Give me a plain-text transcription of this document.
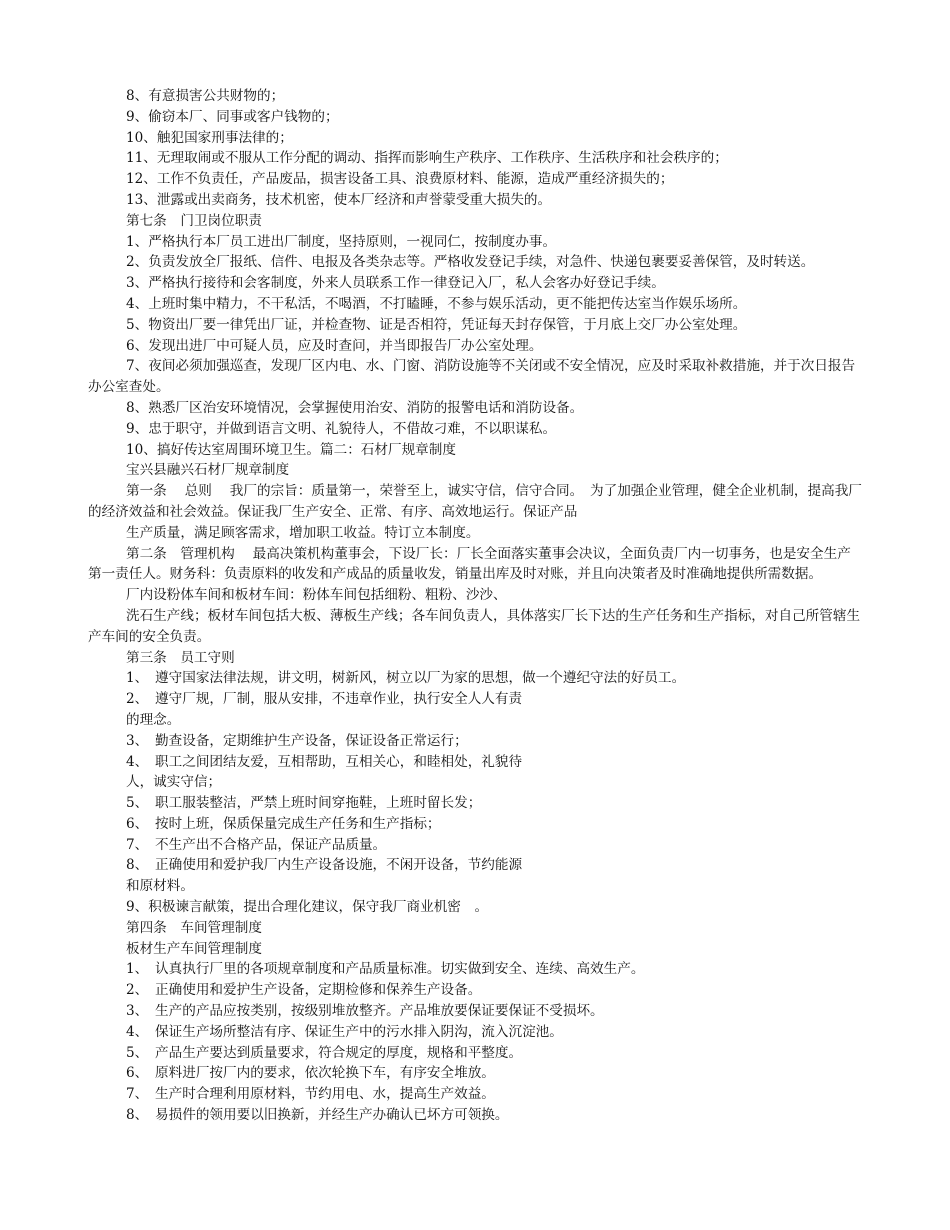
8、有意损害公共财物的；

9、偷窃本厂、同事或客户钱物的；

10、触犯国家刑事法律的；

11、无理取闹或不服从工作分配的调动、指挥而影响生产秩序、工作秩序、生活秩序和社会秩序的；

12、工作不负责任，产品废品，损害设备工具、浪费原材料、能源，造成严重经济损失的；

13、泄露或出卖商务，技术机密，使本厂经济和声誉蒙受重大损失的。

第七条　门卫岗位职责

1、严格执行本厂员工进出厂制度，坚持原则，一视同仁，按制度办事。

2、负责发放全厂报纸、信件、电报及各类杂志等。严格收发登记手续，对急件、快递包裹要妥善保管，及时转送。

3、严格执行接待和会客制度，外来人员联系工作一律登记入厂，私人会客办好登记手续。

4、上班时集中精力，不干私活，不喝酒，不打瞌睡，不参与娱乐活动，更不能把传达室当作娱乐场所。

5、物资出厂要一律凭出厂证，并检查物、证是否相符，凭证每天封存保管，于月底上交厂办公室处理。

6、发现出进厂中可疑人员，应及时查问，并当即报告厂办公室处理。

7、夜间必须加强巡查，发现厂区内电、水、门窗、消防设施等不关闭或不安全情况，应及时采取补救措施，并于次日报告办公室查处。

8、熟悉厂区治安环境情况，会掌握使用治安、消防的报警电话和消防设备。

9、忠于职守，并做到语言文明、礼貌待人，不借故刁难，不以职谋私。

10、搞好传达室周围环境卫生。篇二：石材厂规章制度

宝兴县融兴石材厂规章制度

第一条　 总则　 我厂的宗旨：质量第一，荣誉至上，诚实守信，信守合同。　为了加强企业管理，健全企业机制，提高我厂的经济效益和社会效益。保证我厂生产安全、正常、有序、高效地运行。保证产品

生产质量，满足顾客需求，增加职工收益。特订立本制度。

第二条　管理机构　 最高决策机构董事会，下设厂长：厂长全面落实董事会决议，全面负责厂内一切事务，也是安全生产第一责任人。财务科：负责原料的收发和产成品的质量收发，销量出库及时对账，并且向决策者及时准确地提供所需数据。

厂内设粉体车间和板材车间：粉体车间包括细粉、粗粉、沙沙、

洗石生产线；板材车间包括大板、薄板生产线；各车间负责人，具体落实厂长下达的生产任务和生产指标，对自己所管辖生产车间的安全负责。

第三条　员工守则

1、　遵守国家法律法规，讲文明，树新风，树立以厂为家的思想，做一个遵纪守法的好员工。

2、　遵守厂规，厂制，服从安排，不违章作业，执行安全人人有责

的理念。

3、　勤查设备，定期维护生产设备，保证设备正常运行；

4、　职工之间团结友爱，互相帮助，互相关心，和睦相处，礼貌待

人，诚实守信；

5、　职工服装整洁，严禁上班时间穿拖鞋，上班时留长发；

6、　按时上班，保质保量完成生产任务和生产指标；

7、　不生产出不合格产品，保证产品质量。

8、　正确使用和爱护我厂内生产设备设施，不闲开设备，节约能源

和原材料。

9、积极谏言献策，提出合理化建议，保守我厂商业机密　。

第四条　车间管理制度

板材生产车间管理制度

1、　认真执行厂里的各项规章制度和产品质量标准。切实做到安全、连续、高效生产。

2、　正确使用和爱护生产设备，定期检修和保养生产设备。

3、　生产的产品应按类别，按级别堆放整齐。产品堆放要保证要保证不受损坏。

4、　保证生产场所整洁有序、保证生产中的污水排入阴沟，流入沉淀池。

5、　产品生产要达到质量要求，符合规定的厚度，规格和平整度。

6、　原料进厂按厂内的要求，依次轮换下车，有序安全堆放。

7、　生产时合理利用原材料，节约用电、水，提高生产效益。

8、　易损件的领用要以旧换新，并经生产办确认已坏方可领换。
